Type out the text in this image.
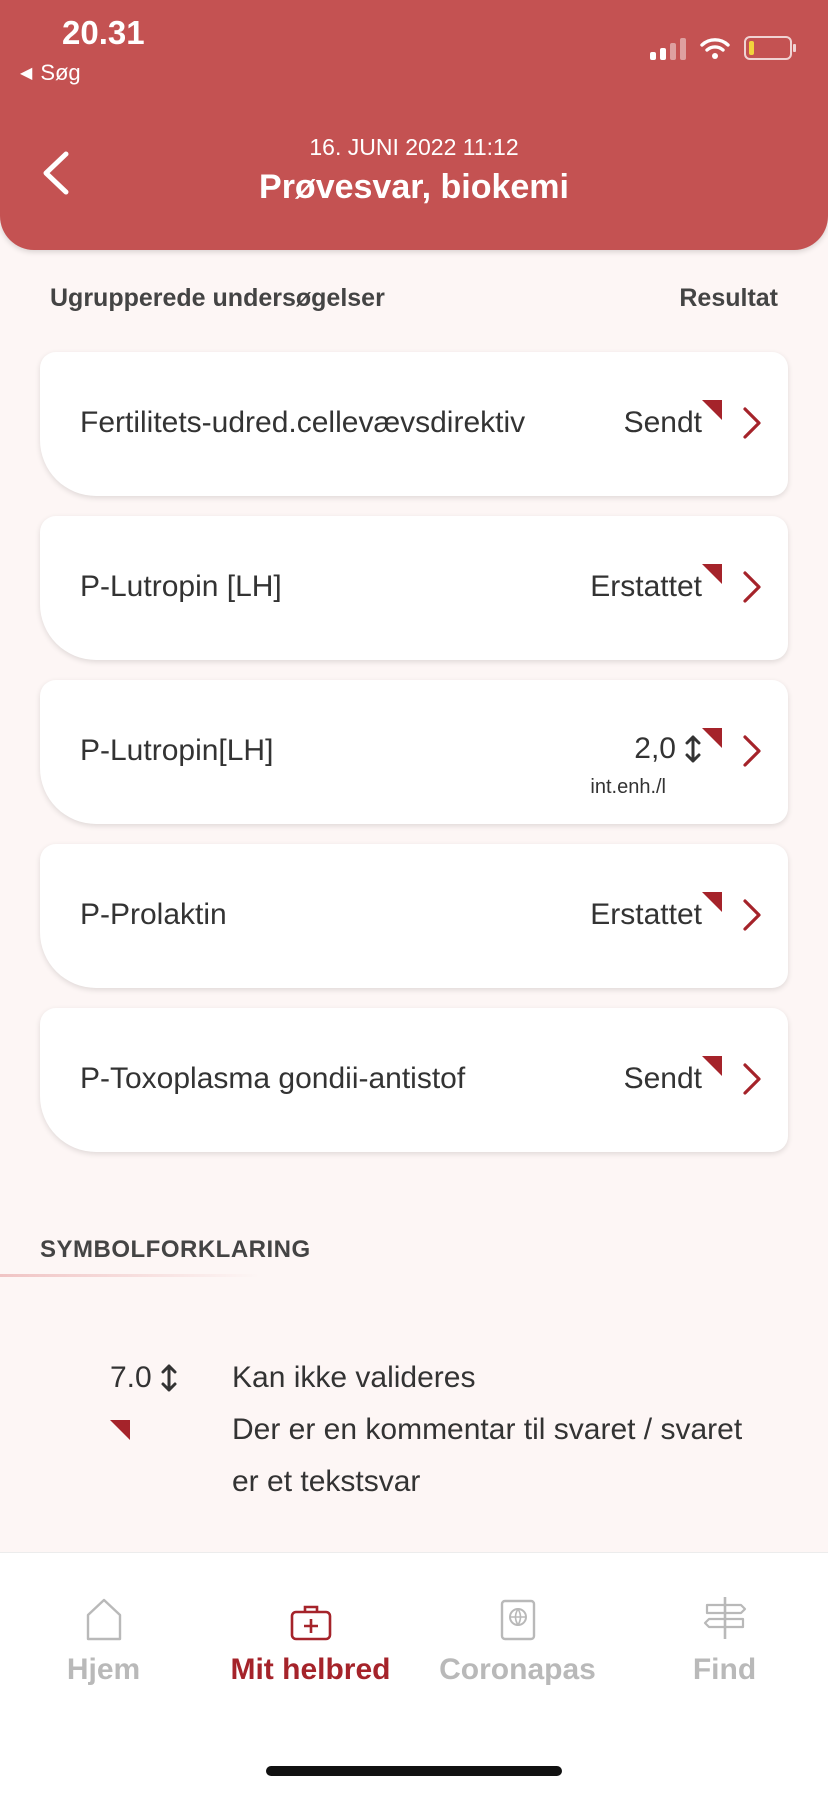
20.31
◀ Søg
16. JUNI 2022 11:12
Prøvesvar, biokemi
Ugrupperede undersøgelser	Resultat
Fertilitets-udred.cellevævsdirektiv	Sendt
P-Lutropin [LH]	Erstattet
P-Lutropin[LH]	2,0
int.enh./l
P-Prolaktin	Erstattet
P-Toxoplasma gondii-antistof	Sendt
SYMBOLFORKLARING
7.0	Kan ikke valideres
Der er en kommentar til svaret / svaret er et tekstsvar
Hjem	Mit helbred	Coronapas	Find
